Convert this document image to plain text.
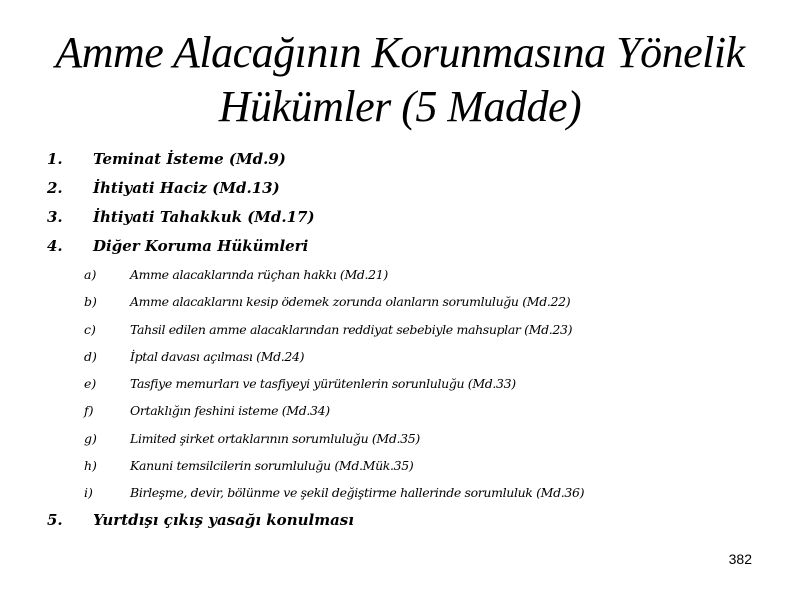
Amme Alacağının Korunmasına Yönelik
Hükümler (5 Madde)
1. Teminat İsteme (Md.9)
2. İhtiyati Haciz (Md.13)
3. İhtiyati Tahakkuk (Md.17)
4. Diğer Koruma Hükümleri
a)	Amme alacaklarında rüçhan hakkı (Md.21)
b)	Amme alacaklarını kesip ödemek zorunda olanların sorumluluğu (Md.22)
c)	Tahsil edilen amme alacaklarından reddiyat sebebiyle mahsuplar (Md.23)
d)	İptal davası açılması (Md.24)
e)	Tasfiye memurları ve tasfiyeyi yürütenlerin sorunluluğu (Md.33)
f)	Ortaklığın feshini isteme (Md.34)
g)	Limited şirket ortaklarının sorumluluğu (Md.35)
h)	Kanuni temsilcilerin sorumluluğu (Md.Mük.35)
i)	Birleşme, devir, bölünme ve şekil değiştirme hallerinde sorumluluk (Md.36)
5. Yurtdışı çıkış yasağı konulması
382
